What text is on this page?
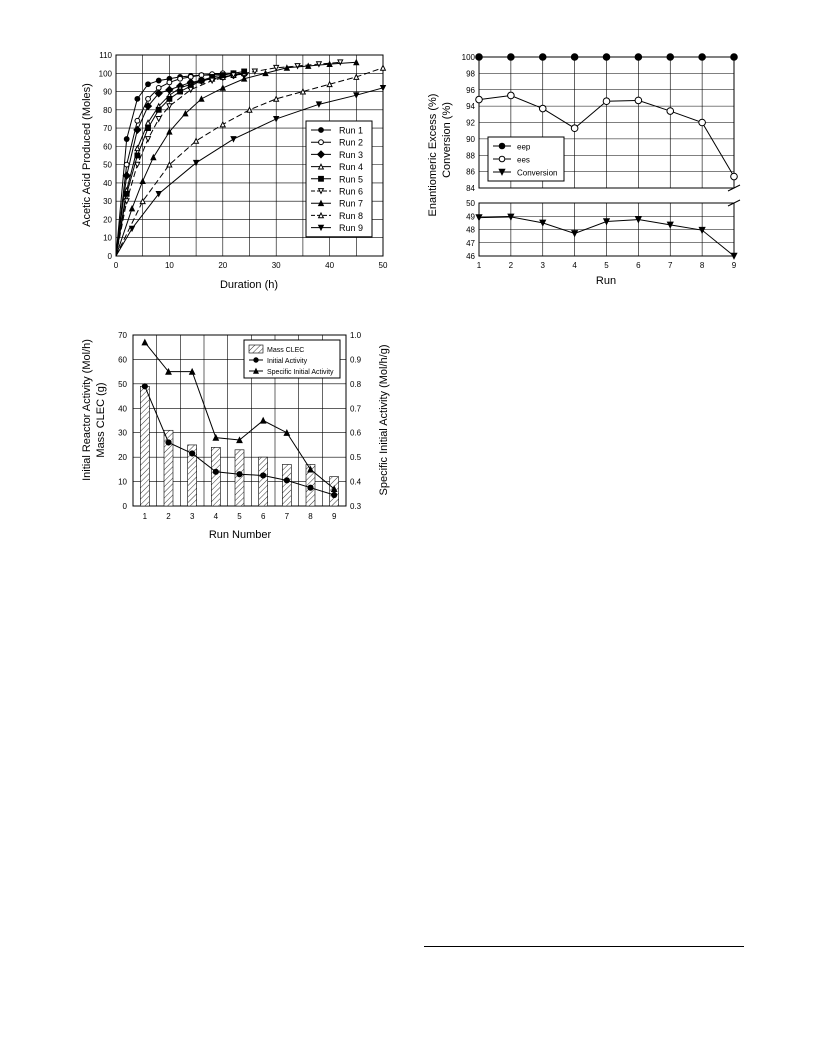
0	10	20	30	40	50
0
10
20
30
40
50
60
70
80
90
100
110
Duration (h)
Acetic Acid Produced (Moles)	Run 1
Run 2
Run 3
Run 4
Run 5
Run 6
Run 7
Run 8
Run 9
1	2	3	4	5	6	7	8	9
84
86
88
90
92
94
96
98
100
46
47
48
49
50
Run
Enantiomeric Excess (%) Conversion (%)	eep
ees
Conversion
1 2 3 4 5 6 7 8 9
0
10
20
30
40
50
60
70
0.3
0.4
0.5
0.6
0.7
0.8
0.9
1.0
Run Number
Initial Reactor Activity (Mol/h) Mass CLEC (g)	Specific Initial Activity (Mol/h/g)
Mass CLEC
Initial Activity
Specific Initial Activity
